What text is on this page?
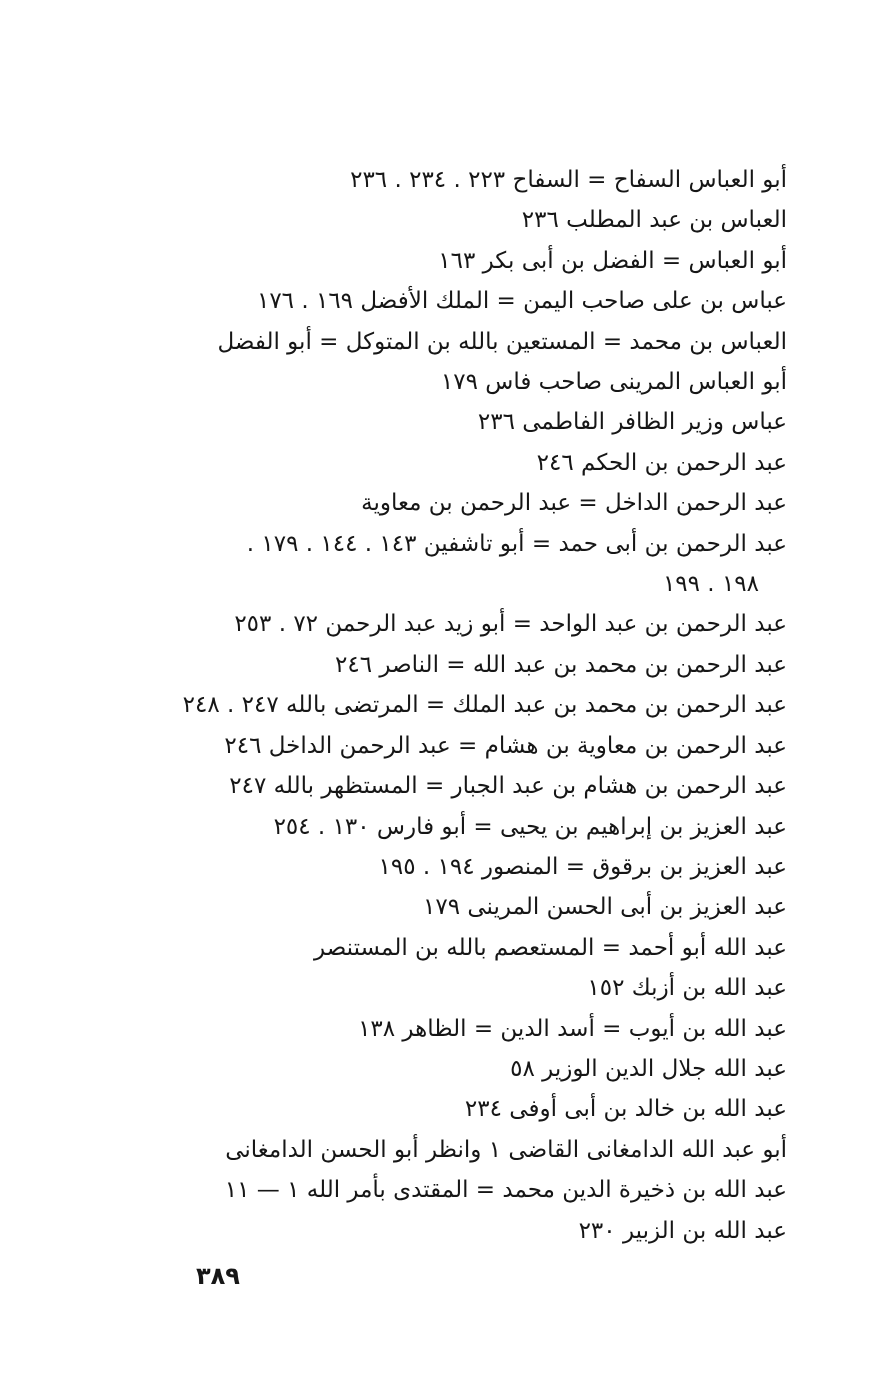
أبو العباس السفاح = السفاح ٢٢٣ . ٢٣٤ . ٢٣٦
العباس بن عبد المطلب ٢٣٦
أبو العباس = الفضل بن أبى بكر ١٦٣
عباس بن على صاحب اليمن = الملك الأفضل ١٦٩ . ١٧٦
العباس بن محمد = المستعين بالله بن المتوكل = أبو الفضل
أبو العباس المرينى صاحب فاس ١٧٩
عباس وزير الظافر الفاطمى ٢٣٦
عبد الرحمن بن الحكم ٢٤٦
عبد الرحمن الداخل = عبد الرحمن بن معاوية
عبد الرحمن بن أبى حمد = أبو تاشفين ١٤٣ . ١٤٤ . ١٧٩ .
١٩٨ . ١٩٩
عبد الرحمن بن عبد الواحد = أبو زيد عبد الرحمن ٧٢ . ٢٥٣
عبد الرحمن بن محمد بن عبد الله = الناصر ٢٤٦
عبد الرحمن بن محمد بن عبد الملك = المرتضى بالله ٢٤٧ . ٢٤٨
عبد الرحمن بن معاوية بن هشام = عبد الرحمن الداخل ٢٤٦
عبد الرحمن بن هشام بن عبد الجبار = المستظهر بالله ٢٤٧
عبد العزيز بن إبراهيم بن يحيى = أبو فارس ١٣٠ . ٢٥٤
عبد العزيز بن برقوق = المنصور ١٩٤ . ١٩٥
عبد العزيز بن أبى الحسن المرينى ١٧٩
عبد الله أبو أحمد = المستعصم بالله بن المستنصر
عبد الله بن أزبك ١٥٢
عبد الله بن أيوب = أسد الدين = الظاهر ١٣٨
عبد الله جلال الدين الوزير ٥٨
عبد الله بن خالد بن أبى أوفى ٢٣٤
أبو عبد الله الدامغانى القاضى ١ وانظر أبو الحسن الدامغانى
عبد الله بن ذخيرة الدين محمد = المقتدى بأمر الله ١ — ١١
عبد الله بن الزبير ٢٣٠
٣٨٩
